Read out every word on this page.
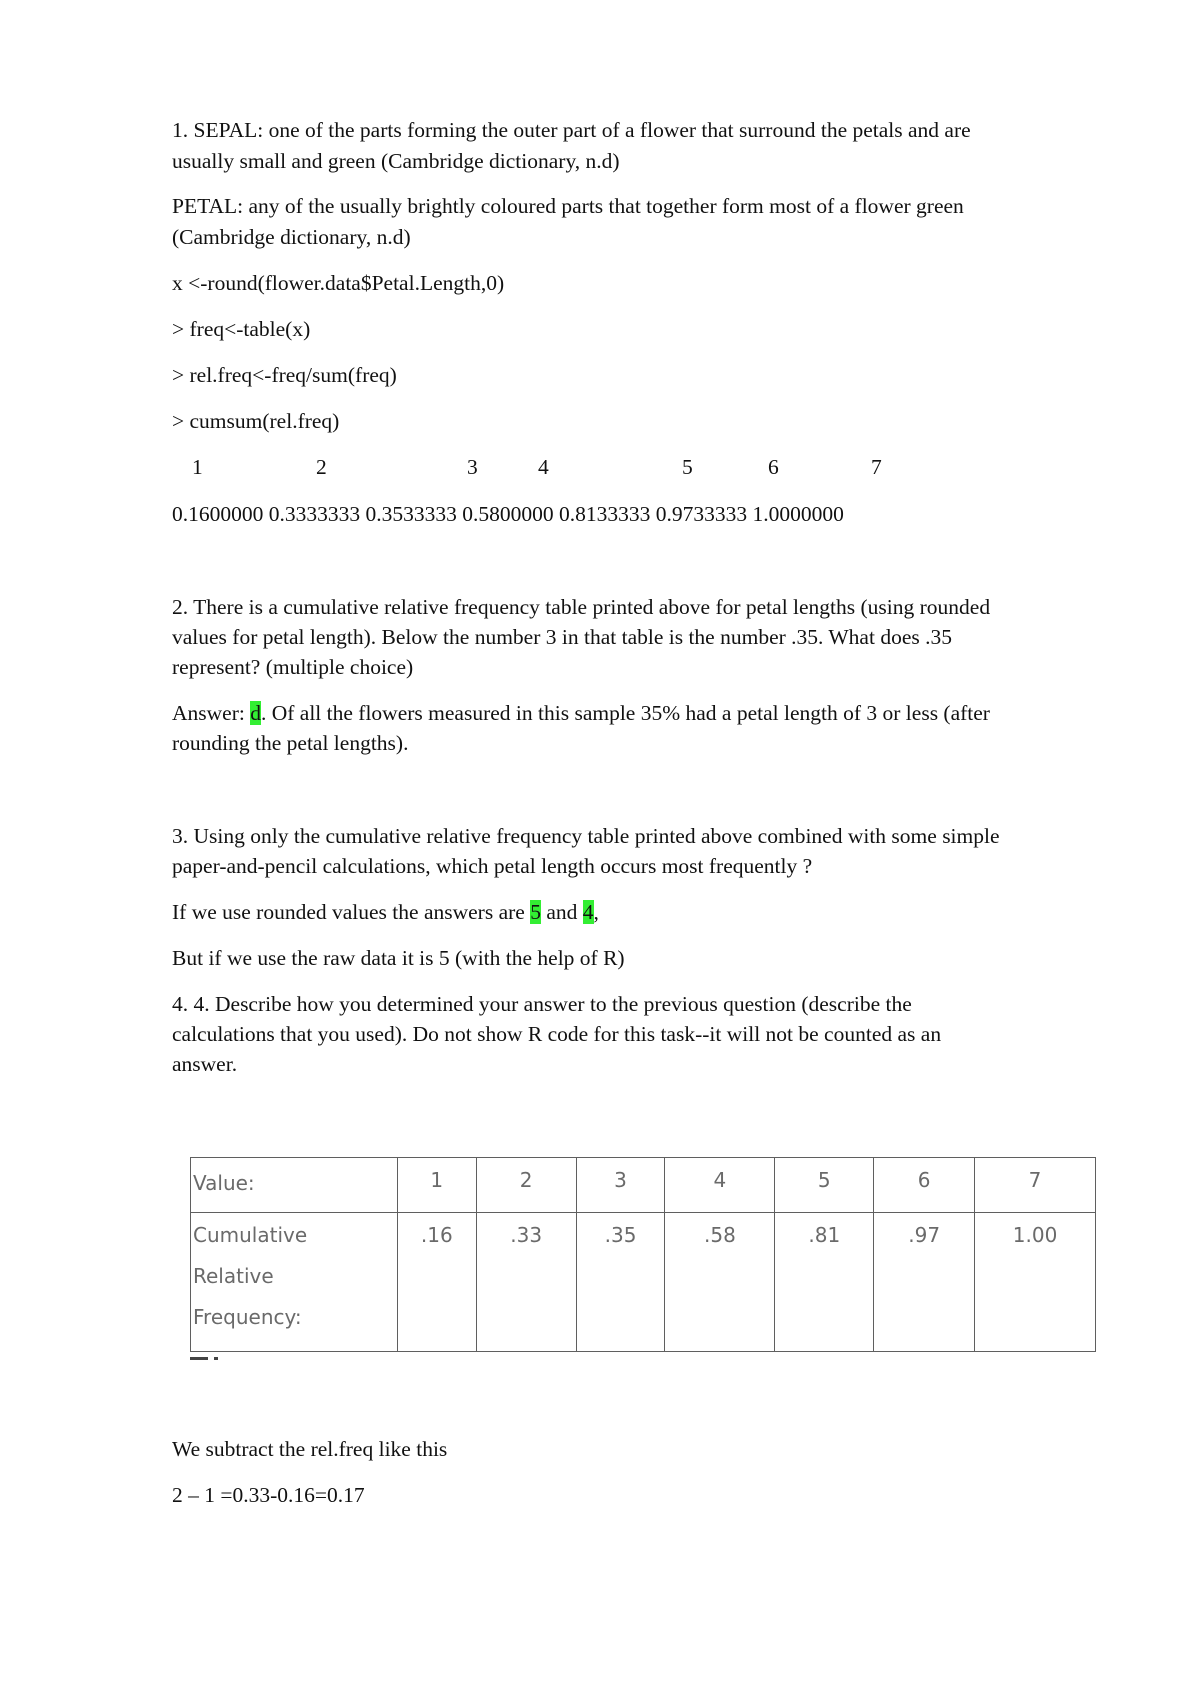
1. SEPAL: one of the parts forming the outer part of a flower that surround the petals and are
usually small and green (Cambridge dictionary, n.d)
PETAL: any of the usually brightly coloured parts that together form most of a flower green
(Cambridge dictionary, n.d)
x <-round(flower.data$Petal.Length,0)
> freq<-table(x)
> rel.freq<-freq/sum(freq)
> cumsum(rel.freq)
1	2	3	4	5	6	7
0.1600000 0.3333333 0.3533333 0.5800000 0.8133333 0.9733333 1.0000000
2. There is a cumulative relative frequency table printed above for petal lengths (using rounded
values for petal length). Below the number 3 in that table is the number .35. What does .35
represent? (multiple choice)
Answer: d. Of all the flowers measured in this sample 35% had a petal length of 3 or less (after
rounding the petal lengths).
3. Using only the cumulative relative frequency table printed above combined with some simple
paper-and-pencil calculations, which petal length occurs most frequently ?
If we use rounded values the answers are 5 and 4,
But if we use the raw data it is 5 (with the help of R)
4. 4. Describe how you determined your answer to the previous question (describe the
calculations that you used). Do not show R code for this task--it will not be counted as an
answer.
Value:	1	2	3	4	5	6	7

Cumulative
Relative
Frequency:	.16	.33	.35	.58	.81	.97	1.00
We subtract the rel.freq like this
2 – 1 =0.33-0.16=0.17
